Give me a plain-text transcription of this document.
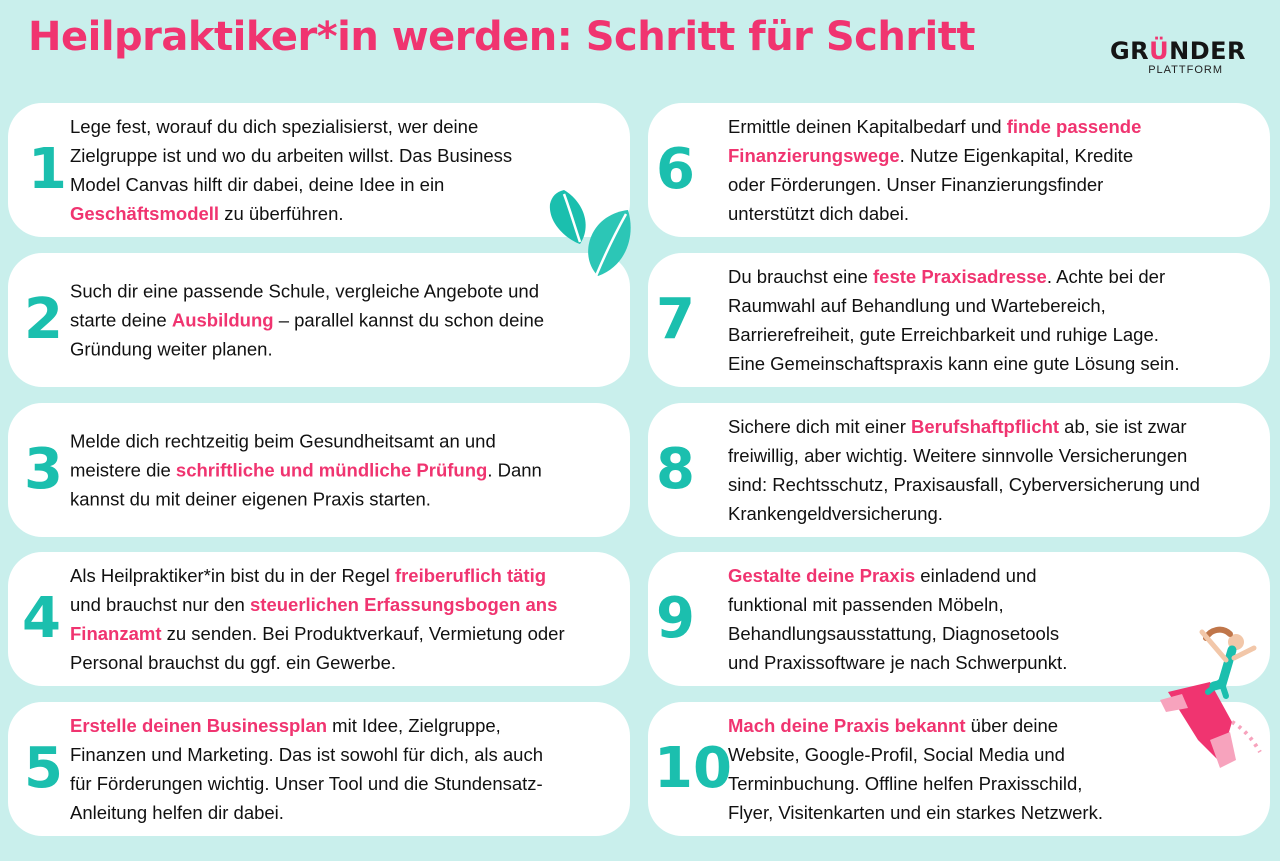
Heilpraktiker*in werden: Schritt für Schritt	GRÜNDER
PLATTFORM
1
Lege fest, worauf du dich spezialisierst, wer deine
Zielgruppe ist und wo du arbeiten willst. Das Business
Model Canvas hilft dir dabei, deine Idee in ein
Geschäftsmodell zu überführen.
2 Such dir eine passende Schule, vergleiche Angebote und
starte deine Ausbildung – parallel kannst du schon deine
Gründung weiter planen.
3 Melde dich rechtzeitig beim Gesundheitsamt an und
meistere die schriftliche und mündliche Prüfung. Dann
kannst du mit deiner eigenen Praxis starten.
4
Als Heilpraktiker*in bist du in der Regel freiberuflich tätig
und brauchst nur den steuerlichen Erfassungsbogen ans
Finanzamt zu senden. Bei Produktverkauf, Vermietung oder
Personal brauchst du ggf. ein Gewerbe.
5
Erstelle deinen Businessplan mit Idee, Zielgruppe,
Finanzen und Marketing. Das ist sowohl für dich, als auch
für Förderungen wichtig. Unser Tool und die Stundensatz-
Anleitung helfen dir dabei.
6
Ermittle deinen Kapitalbedarf und finde passende
Finanzierungswege. Nutze Eigenkapital, Kredite
oder Förderungen. Unser Finanzierungsfinder
unterstützt dich dabei.
7
Du brauchst eine feste Praxisadresse. Achte bei der
Raumwahl auf Behandlung und Wartebereich,
Barrierefreiheit, gute Erreichbarkeit und ruhige Lage.
Eine Gemeinschaftspraxis kann eine gute Lösung sein.
8
Sichere dich mit einer Berufshaftpflicht ab, sie ist zwar
freiwillig, aber wichtig. Weitere sinnvolle Versicherungen
sind: Rechtsschutz, Praxisausfall, Cyberversicherung und
Krankengeldversicherung.
9
Gestalte deine Praxis einladend und
funktional mit passenden Möbeln,
Behandlungsausstattung, Diagnosetools
und Praxissoftware je nach Schwerpunkt.
10
Mach deine Praxis bekannt über deine
Website, Google-Profil, Social Media und
Terminbuchung. Offline helfen Praxisschild,
Flyer, Visitenkarten und ein starkes Netzwerk.
